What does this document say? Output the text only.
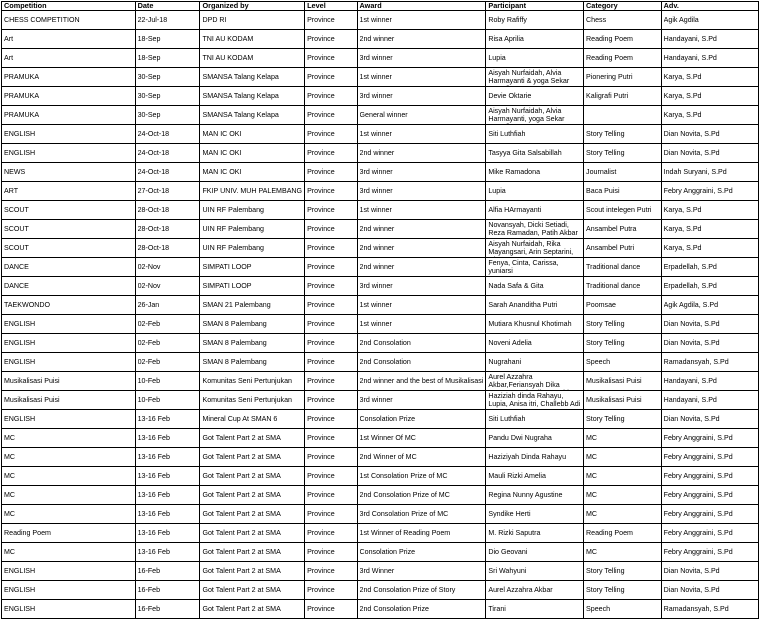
Competition	Date	Organized by	Level	Award	Participant	Category	Adv.

CHESS COMPETITION	22-Jul-18	DPD RI	Province	1st winner	Roby Rafiffy	Chess	Agik Agdila

Art	18-Sep	TNI AU KODAM	Province	2nd winner	Risa Aprilia	Reading Poem	Handayani, S.Pd

Art	18-Sep	TNI AU KODAM	Province	3rd winner	Lupia	Reading Poem	Handayani, S.Pd

PRAMUKA	30-Sep	SMANSA Talang Kelapa	Province	1st winner	Aisyah Nurfaidah, Alvia Harmayanti & yoga Sekar	Pionering Putri	Karya, S.Pd

PRAMUKA	30-Sep	SMANSA Talang Kelapa	Province	3rd winner	Devie Oktarie	Kaligrafi Putri	Karya, S.Pd

PRAMUKA	30-Sep	SMANSA Talang Kelapa	Province	General winner	Aisyah Nurfaidah, Alvia Harmayanti, yoga Sekar		Karya, S.Pd

ENGLISH	24-Oct-18	MAN IC OKI	Province	1st winner	Siti Luthfiah	Story Telling	Dian Novita, S.Pd

ENGLISH	24-Oct-18	MAN IC OKI	Province	2nd winner	Tasyya Gita Salsabillah	Story Telling	Dian Novita, S.Pd

NEWS	24-Oct-18	MAN IC OKI	Province	3rd winner	Mike Ramadona	Journalist	Indah Suryani, S.Pd

ART	27-Oct-18	FKIP UNIV. MUH PALEMBANG	Province	3rd winner	Lupia	Baca Puisi	Febry Anggraini, S.Pd

SCOUT	28-Oct-18	UIN RF Palembang	Province	1st winner	Alfia HArmayanti	Scout intelegen Putri	Karya, S.Pd

SCOUT	28-Oct-18	UIN RF Palembang	Province	2nd winner	Novansyah, Dicki Setiadi, Reza Ramadan, Patih Akbar	Ansambel Putra	Karya, S.Pd

SCOUT	28-Oct-18	UIN RF Palembang	Province	2nd winner	Aisyah Nurfaidah, Rika Mayangsari, Arin Septarini,	Ansambel Putri	Karya, S.Pd

DANCE	02-Nov	SIMPATI LOOP	Province	2nd winner	Fenya, Cinta, Carissa, yuniarsi	Traditional dance	Erpadellah, S.Pd

DANCE	02-Nov	SIMPATI LOOP	Province	3rd winner	Nada Safa & Gita	Traditional dance	Erpadellah, S.Pd

TAEKWONDO	26-Jan	SMAN 21 Palembang	Province	1st winner	Sarah Ananditha Putri	Poomsae	Agik Agdila, S.Pd

ENGLISH	02-Feb	SMAN 8 Palembang	Province	1st winner	Mutiara Khusnul Khotimah	Story Telling	Dian Novita, S.Pd

ENGLISH	02-Feb	SMAN 8 Palembang	Province	2nd Consolation	Noveni Adelia	Story Telling	Dian Novita, S.Pd

ENGLISH	02-Feb	SMAN 8 Palembang	Province	2nd Consolation	Nugrahani	Speech	Ramadansyah, S.Pd

Musikalisasi Puisi	10-Feb	Komunitas Seni Pertunjukan	Province	2nd winner and the best of Musikalisasi	Aurel Azzahra Akbar,Feriansyah Dika	Musikalisasi Puisi	Handayani, S.Pd

Musikalisasi Puisi	10-Feb	Komunitas Seni Pertunjukan	Province	3rd winner	Haziziah dinda Rahayu, Lupia, Anisa itri, Challebb Adi	Musikalisasi Puisi	Handayani, S.Pd

ENGLISH	13-16 Feb	Mineral Cup At SMAN 6	Province	Consolation Prize	Siti Luthfiah	Story Telling	Dian Novita, S.Pd

MC	13-16 Feb	Got Talent Part 2 at SMA	Province	1st Winner Of MC	Pandu Dwi Nugraha	MC	Febry Anggraini, S.Pd

MC	13-16 Feb	Got Talent Part 2 at SMA	Province	2nd Winner of MC	Haziziyah Dinda Rahayu	MC	Febry Anggraini, S.Pd

MC	13-16 Feb	Got Talent Part 2 at SMA	Province	1st Consolation Prize of MC	Mauli Rizki Amelia	MC	Febry Anggraini, S.Pd

MC	13-16 Feb	Got Talent Part 2 at SMA	Province	2nd Consolation Prize of MC	Regina Nunny Agustine	MC	Febry Anggraini, S.Pd

MC	13-16 Feb	Got Talent Part 2 at SMA	Province	3rd Consolation Prize of MC	Syndike Herti	MC	Febry Anggraini, S.Pd

Reading Poem	13-16 Feb	Got Talent Part 2 at SMA	Province	1st Winner of Reading Poem	M. Rizki Saputra	Reading Poem	Febry Anggraini, S.Pd

MC	13-16 Feb	Got Talent Part 2 at SMA	Province	Consolation Prize	Dio Geovani	MC	Febry Anggraini, S.Pd

ENGLISH	16-Feb	Got Talent Part 2 at SMA	Province	3rd Winner	Sri Wahyuni	Story Telling	Dian Novita, S.Pd

ENGLISH	16-Feb	Got Talent Part 2 at SMA	Province	2nd Consolation Prize of Story	Aurel Azzahra Akbar	Story Telling	Dian Novita, S.Pd

ENGLISH	16-Feb	Got Talent Part 2 at SMA	Province	2nd Consolation Prize	Tirani	Speech	Ramadansyah, S.Pd
